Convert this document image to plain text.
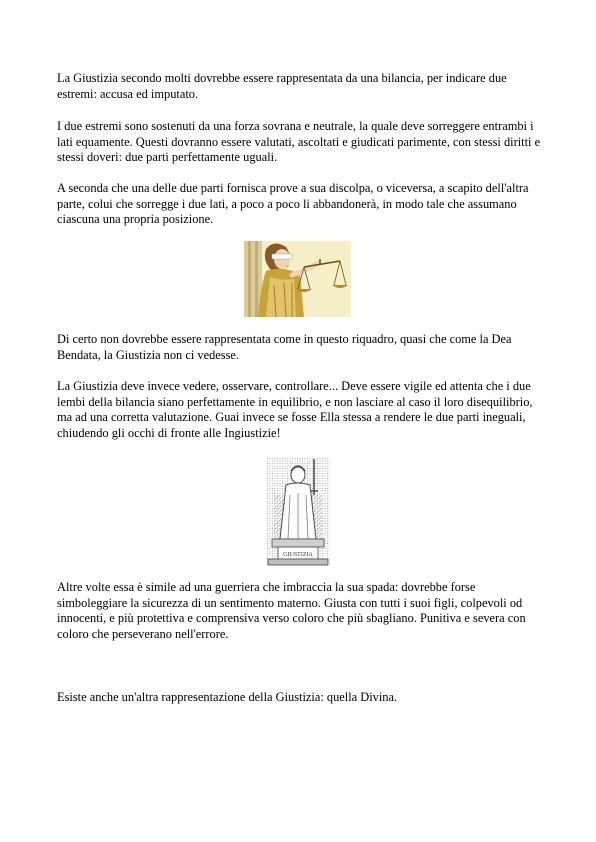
La Giustizia secondo molti dovrebbe essere rappresentata da una bilancia, per indicare due estremi: accusa ed imputato.

I due estremi sono sostenuti da una forza sovrana e neutrale, la quale deve sorreggere entrambi i lati equamente. Questi dovranno essere valutati, ascoltati e giudicati parimente, con stessi diritti e stessi doveri: due parti perfettamente uguali.

A seconda che una delle due parti fornisca prove a sua discolpa, o viceversa, a scapito dell'altra parte, colui che sorregge i due lati, a poco a poco li abbandonerà, in modo tale che assumano ciascuna una propria posizione.

Di certo non dovrebbe essere rappresentata come in questo riquadro, quasi che come la Dea Bendata, la Giustizia non ci vedesse.

La Giustizia deve invece vedere, osservare, controllare... Deve essere vigile ed attenta che i due lembi della bilancia siano perfettamente in equilibrio, e non lasciare al caso il loro disequilibrio, ma ad una corretta valutazione. Guai invece se fosse Ella stessa a rendere le due parti ineguali, chiudendo gli occhi di fronte alle Ingiustizie!

GIUSTIZIA

Altre volte essa è simile ad una guerriera che imbraccia la sua spada: dovrebbe forse simboleggiare la sicurezza di un sentimento materno. Giusta con tutti i suoi figli, colpevoli od innocenti, e più protettiva e comprensiva verso coloro che più sbagliano. Punitiva e severa con coloro che perseverano nell'errore.

Esiste anche un'altra rappresentazione della Giustizia: quella Divina.
